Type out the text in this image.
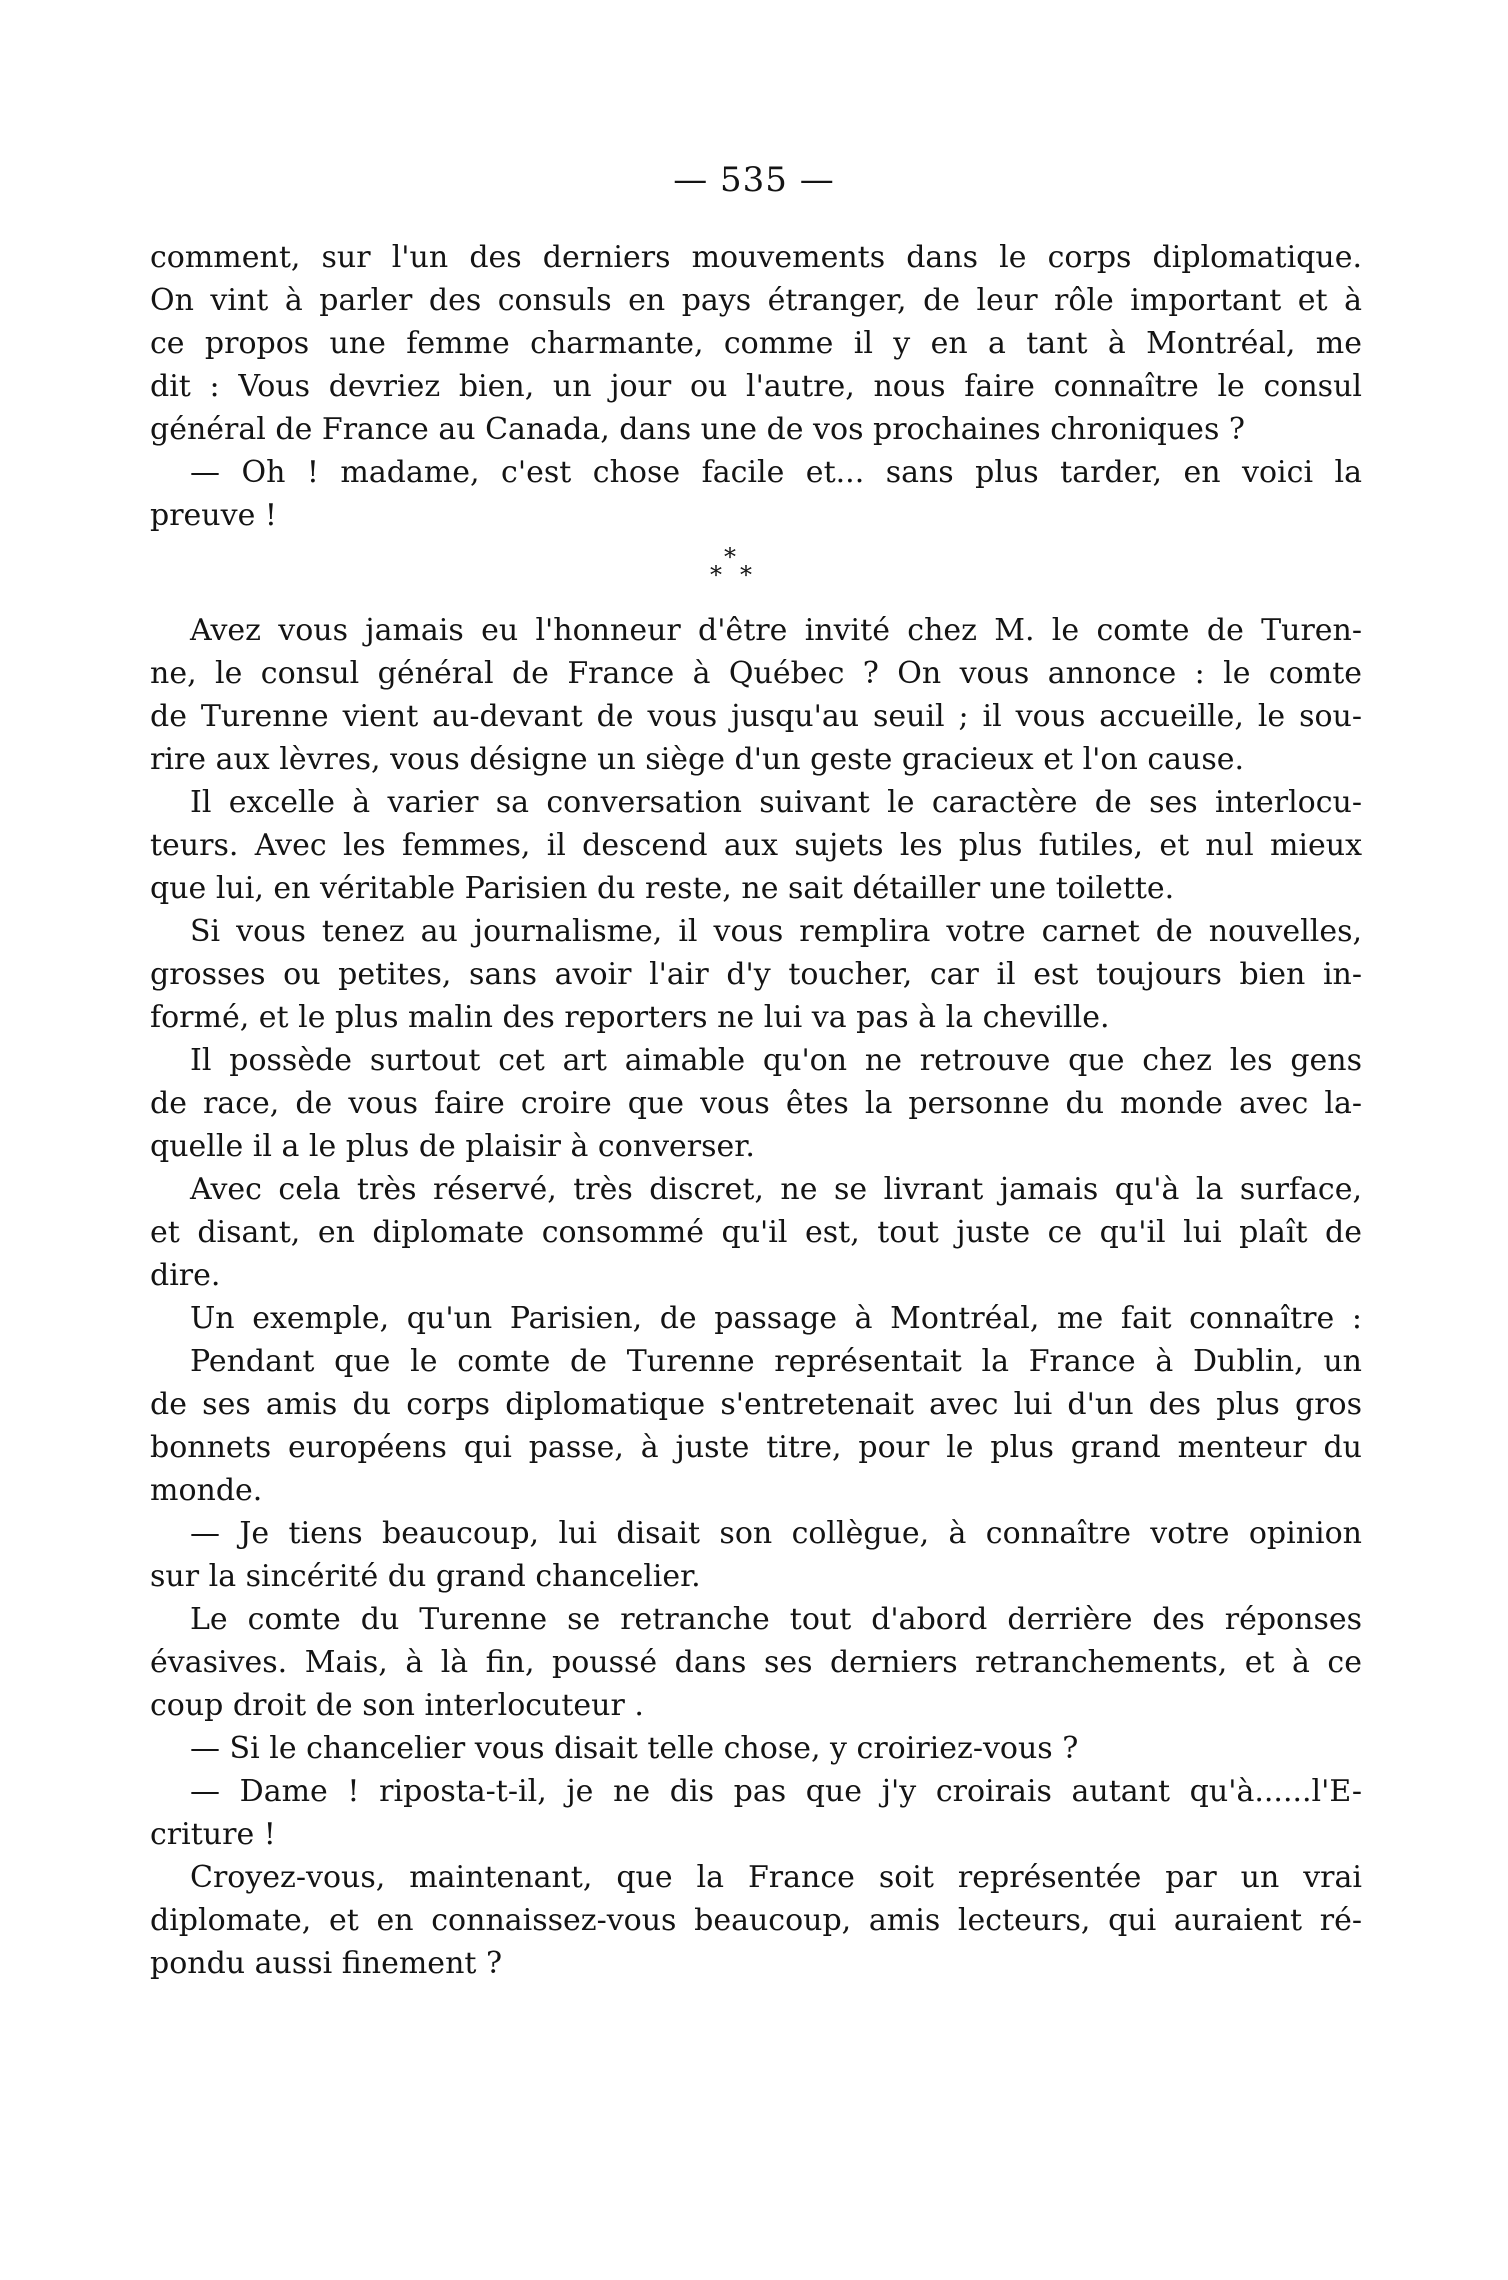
— 535 —
comment, sur l'un des derniers mouvements dans le corps diplomatique.
On vint à parler des consuls en pays étranger, de leur rôle important et à
ce propos une femme charmante, comme il y en a tant à Montréal, me
dit : Vous devriez bien, un jour ou l'autre, nous faire connaître le consul
général de France au Canada, dans une de vos prochaines chroniques ?
— Oh ! madame, c'est chose facile et... sans plus tarder, en voici la
preuve !
*
* *
Avez vous jamais eu l'honneur d'être invité chez M. le comte de Turen-
ne, le consul général de France à Québec ? On vous annonce : le comte
de Turenne vient au-devant de vous jusqu'au seuil ; il vous accueille, le sou-
rire aux lèvres, vous désigne un siège d'un geste gracieux et l'on cause.
Il excelle à varier sa conversation suivant le caractère de ses interlocu-
teurs. Avec les femmes, il descend aux sujets les plus futiles, et nul mieux
que lui, en véritable Parisien du reste, ne sait détailler une toilette.
Si vous tenez au journalisme, il vous remplira votre carnet de nouvelles,
grosses ou petites, sans avoir l'air d'y toucher, car il est toujours bien in-
formé, et le plus malin des reporters ne lui va pas à la cheville.
Il possède surtout cet art aimable qu'on ne retrouve que chez les gens
de race, de vous faire croire que vous êtes la personne du monde avec la-
quelle il a le plus de plaisir à converser.
Avec cela très réservé, très discret, ne se livrant jamais qu'à la surface,
et disant, en diplomate consommé qu'il est, tout juste ce qu'il lui plaît de
dire.
Un exemple, qu'un Parisien, de passage à Montréal, me fait connaître :
Pendant que le comte de Turenne représentait la France à Dublin, un
de ses amis du corps diplomatique s'entretenait avec lui d'un des plus gros
bonnets européens qui passe, à juste titre, pour le plus grand menteur du
monde.
— Je tiens beaucoup, lui disait son collègue, à connaître votre opinion
sur la sincérité du grand chancelier.
Le comte du Turenne se retranche tout d'abord derrière des réponses
évasives. Mais, à là fin, poussé dans ses derniers retranchements, et à ce
coup droit de son interlocuteur .
— Si le chancelier vous disait telle chose, y croiriez-vous ?
— Dame ! riposta-t-il, je ne dis pas que j'y croirais autant qu'à......l'E-
criture !
Croyez-vous, maintenant, que la France soit représentée par un vrai
diplomate, et en connaissez-vous beaucoup, amis lecteurs, qui auraient ré-
pondu aussi finement ?
